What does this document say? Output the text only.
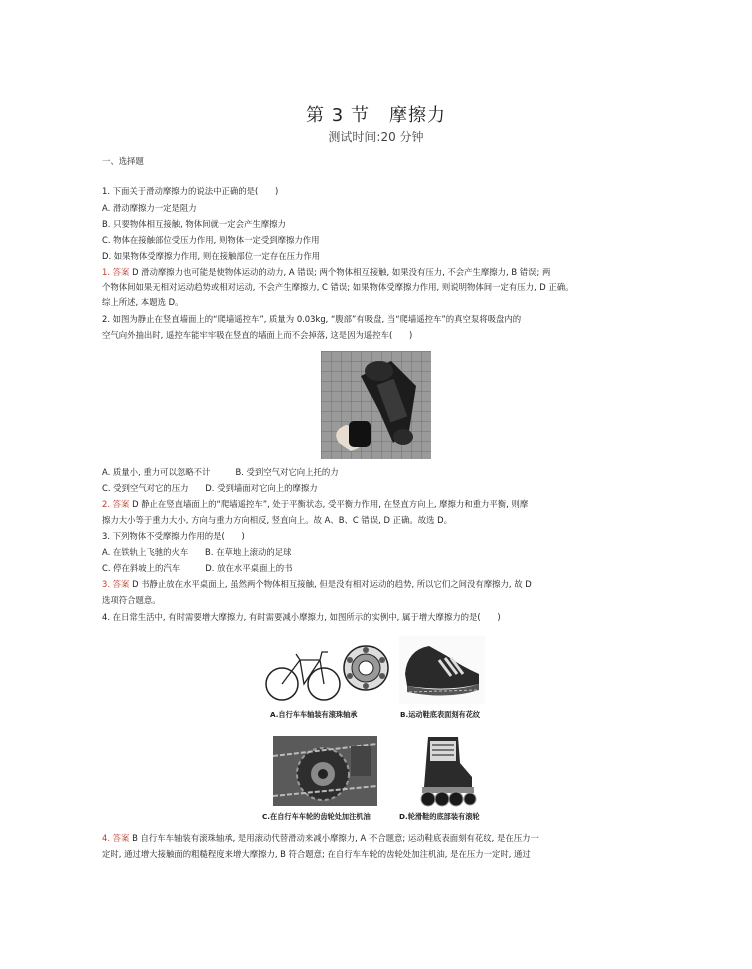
第 3 节　摩擦力
测试时间:20 分钟
一、选择题
1. 下面关于滑动摩擦力的说法中正确的是(　　)
A. 滑动摩擦力一定是阻力
B. 只要物体相互接触, 物体间就一定会产生摩擦力
C. 物体在接触部位受压力作用, 则物体一定受到摩擦力作用
D. 如果物体受摩擦力作用, 则在接触部位一定存在压力作用
1. 答案 D 滑动摩擦力也可能是使物体运动的动力, A 错误; 两个物体相互接触, 如果没有压力, 不会产生摩擦力, B 错误; 两
个物体间如果无相对运动趋势或相对运动, 不会产生摩擦力, C 错误; 如果物体受摩擦力作用, 则说明物体间一定有压力, D 正确。
综上所述, 本题选 D。
2. 如图为静止在竖直墙面上的“爬墙遥控车”, 质量为 0.03kg, “腹部”有吸盘, 当“爬墙遥控车”的真空泵将吸盘内的
空气向外抽出时, 遥控车能牢牢吸在竖直的墙面上而不会掉落, 这是因为遥控车(　　)
A. 质量小, 重力可以忽略不计　　　B. 受到空气对它向上托的力
C. 受到空气对它的压力　　D. 受到墙面对它向上的摩擦力
2. 答案 D 静止在竖直墙面上的“爬墙遥控车”, 处于平衡状态, 受平衡力作用, 在竖直方向上, 摩擦力和重力平衡, 则摩
擦力大小等于重力大小, 方向与重力方向相反, 竖直向上。故 A、B、C 错误, D 正确。故选 D。
3. 下列物体不受摩擦力作用的是(　　)
A. 在铁轨上飞驰的火车　　B. 在草地上滚动的足球
C. 停在斜坡上的汽车　　　D. 放在水平桌面上的书
3. 答案 D 书静止放在水平桌面上, 虽然两个物体相互接触, 但是没有相对运动的趋势, 所以它们之间没有摩擦力, 故 D
选项符合题意。
4. 在日常生活中, 有时需要增大摩擦力, 有时需要减小摩擦力, 如图所示的实例中, 属于增大摩擦力的是(　　)
A.自行车车轴装有滚珠轴承	B.运动鞋底表面刻有花纹
C.在自行车车轮的齿轮处加注机油	D.轮滑鞋的底部装有滚轮
4. 答案 B 自行车车轴装有滚珠轴承, 是用滚动代替滑动来减小摩擦力, A 不合题意; 运动鞋底表面刻有花纹, 是在压力一
定时, 通过增大接触面的粗糙程度来增大摩擦力, B 符合题意; 在自行车车轮的齿轮处加注机油, 是在压力一定时, 通过
